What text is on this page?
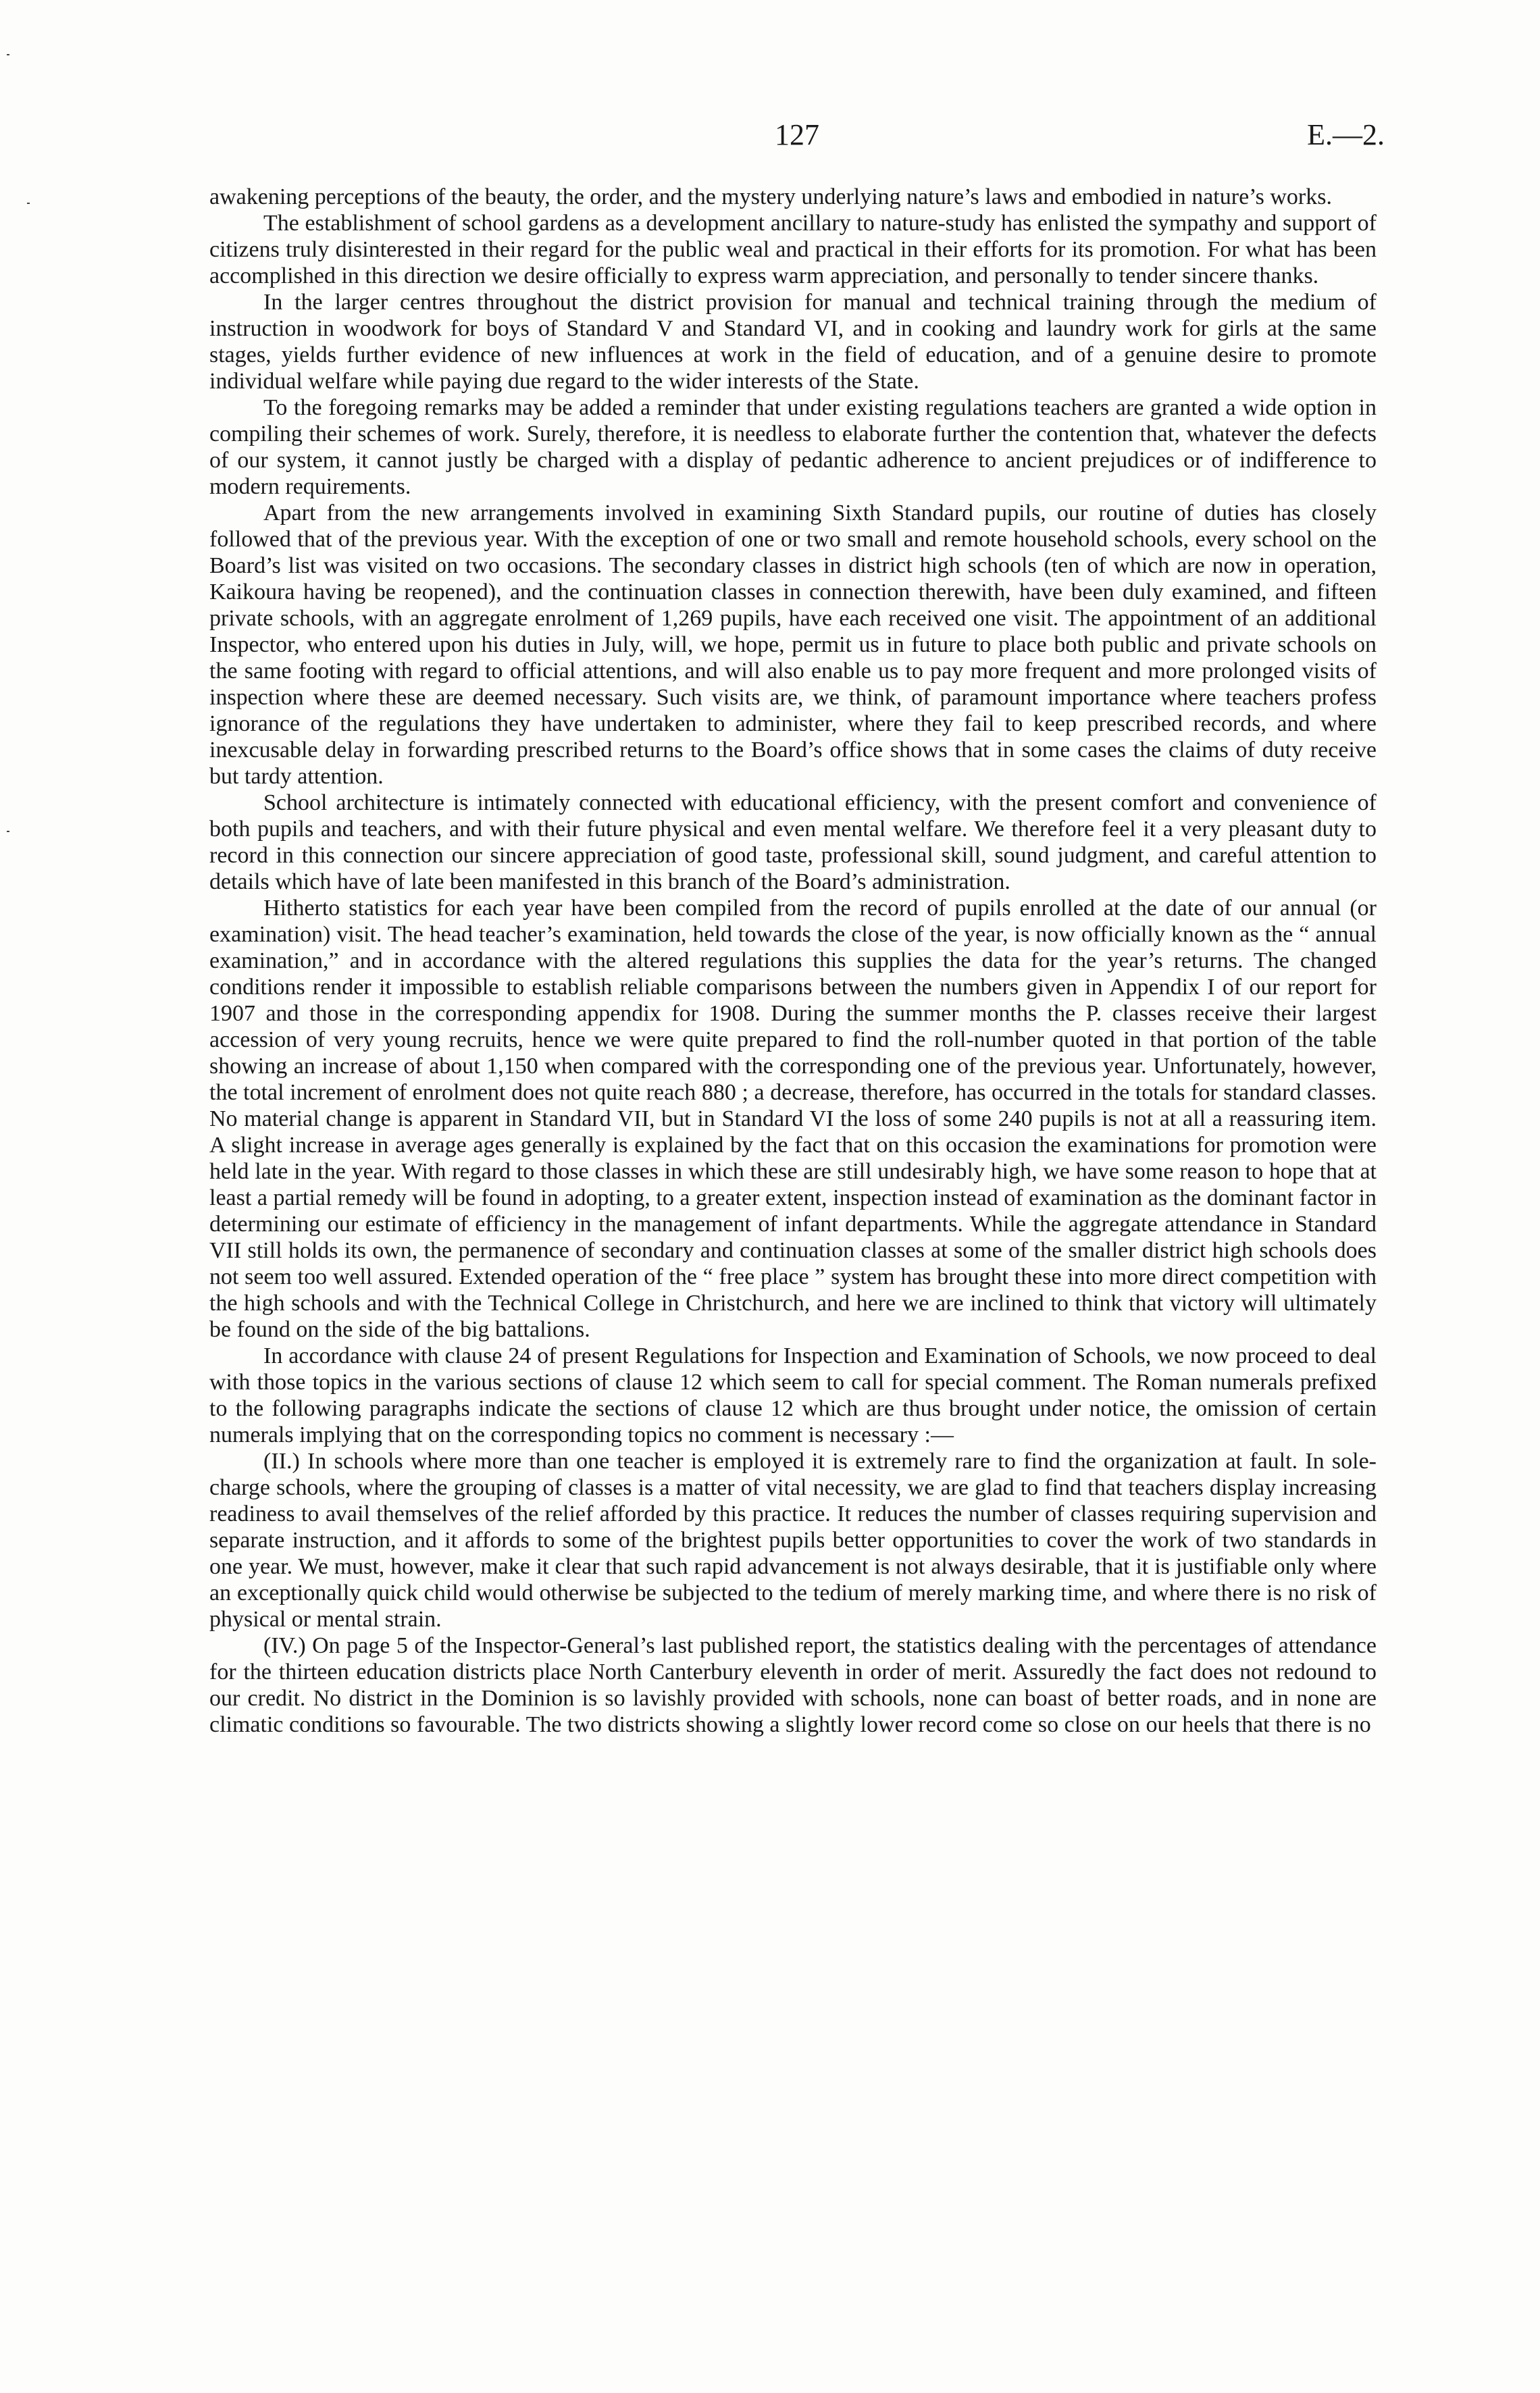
127	E.—2.

awakening perceptions of the beauty, the order, and the mystery underlying nature’s laws and embodied in nature’s works.

The establishment of school gardens as a development ancillary to nature-study has enlisted the sympathy and support of citizens truly disinterested in their regard for the public weal and practical in their efforts for its promotion. For what has been accomplished in this direction we desire officially to express warm appreciation, and personally to tender sincere thanks.

In the larger centres throughout the district provision for manual and technical training through the medium of instruction in woodwork for boys of Standard V and Standard VI, and in cooking and laundry work for girls at the same stages, yields further evidence of new influences at work in the field of education, and of a genuine desire to promote individual welfare while paying due regard to the wider interests of the State.

To the foregoing remarks may be added a reminder that under existing regulations teachers are granted a wide option in compiling their schemes of work. Surely, therefore, it is needless to elaborate further the contention that, whatever the defects of our system, it cannot justly be charged with a display of pedantic adherence to ancient prejudices or of indifference to modern requirements.

Apart from the new arrangements involved in examining Sixth Standard pupils, our routine of duties has closely followed that of the previous year. With the exception of one or two small and remote household schools, every school on the Board’s list was visited on two occasions. The secondary classes in district high schools (ten of which are now in operation, Kaikoura having be reopened), and the continuation classes in connection therewith, have been duly examined, and fifteen private schools, with an aggregate enrolment of 1,269 pupils, have each received one visit. The appointment of an additional Inspector, who entered upon his duties in July, will, we hope, permit us in future to place both public and private schools on the same footing with regard to official attentions, and will also enable us to pay more frequent and more prolonged visits of inspection where these are deemed necessary. Such visits are, we think, of paramount importance where teachers profess ignorance of the regulations they have undertaken to administer, where they fail to keep prescribed records, and where inexcusable delay in forwarding prescribed returns to the Board’s office shows that in some cases the claims of duty receive but tardy attention.

School architecture is intimately connected with educational efficiency, with the present comfort and convenience of both pupils and teachers, and with their future physical and even mental welfare. We therefore feel it a very pleasant duty to record in this connection our sincere appreciation of good taste, professional skill, sound judgment, and careful attention to details which have of late been manifested in this branch of the Board’s administration.

Hitherto statistics for each year have been compiled from the record of pupils enrolled at the date of our annual (or examination) visit. The head teacher’s examination, held towards the close of the year, is now officially known as the “ annual examination,” and in accordance with the altered regulations this supplies the data for the year’s returns. The changed conditions render it impossible to establish reliable comparisons between the numbers given in Appendix I of our report for 1907 and those in the corresponding appendix for 1908. During the summer months the P. classes receive their largest accession of very young recruits, hence we were quite prepared to find the roll-number quoted in that portion of the table showing an increase of about 1,150 when compared with the corresponding one of the previous year. Unfortunately, however, the total increment of enrolment does not quite reach 880 ; a decrease, therefore, has occurred in the totals for standard classes. No material change is apparent in Standard VII, but in Standard VI the loss of some 240 pupils is not at all a reassuring item. A slight increase in average ages generally is explained by the fact that on this occasion the examinations for promotion were held late in the year. With regard to those classes in which these are still undesirably high, we have some reason to hope that at least a partial remedy will be found in adopting, to a greater extent, inspection instead of examination as the dominant factor in determining our estimate of efficiency in the management of infant departments. While the aggregate attendance in Standard VII still holds its own, the permanence of secondary and continuation classes at some of the smaller district high schools does not seem too well assured. Extended operation of the “ free place ” system has brought these into more direct competition with the high schools and with the Technical College in Christchurch, and here we are inclined to think that victory will ultimately be found on the side of the big battalions.

In accordance with clause 24 of present Regulations for Inspection and Examination of Schools, we now proceed to deal with those topics in the various sections of clause 12 which seem to call for special comment. The Roman numerals prefixed to the following paragraphs indicate the sections of clause 12 which are thus brought under notice, the omission of certain numerals implying that on the corresponding topics no comment is necessary :—

(II.) In schools where more than one teacher is employed it is extremely rare to find the organization at fault. In sole-charge schools, where the grouping of classes is a matter of vital necessity, we are glad to find that teachers display increasing readiness to avail themselves of the relief afforded by this practice. It reduces the number of classes requiring supervision and separate instruction, and it affords to some of the brightest pupils better opportunities to cover the work of two standards in one year. We must, however, make it clear that such rapid advancement is not always desirable, that it is justifiable only where an exceptionally quick child would otherwise be subjected to the tedium of merely marking time, and where there is no risk of physical or mental strain.

(IV.) On page 5 of the Inspector-General’s last published report, the statistics dealing with the percentages of attendance for the thirteen education districts place North Canterbury eleventh in order of merit. Assuredly the fact does not redound to our credit. No district in the Dominion is so lavishly provided with schools, none can boast of better roads, and in none are climatic conditions so favourable. The two districts showing a slightly lower record come so close on our heels that there is no
